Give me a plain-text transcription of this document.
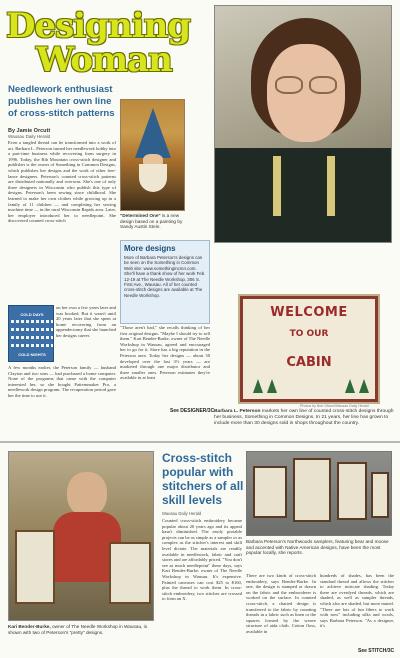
Designing
Woman
Needlework enthusiast publishes her own line of cross-stitch patterns
By Jamie Orcutt
Wausau Daily Herald
Even a tangled thread can be transformed into a work of art. Barbara L. Peterson turned her needlework hobby into a part-time business while recovering from surgery in 1996. Today, the Rib Mountain cross-stitch designer and publisher is the owner of Something in Common Designs, which publishes her designs and the work of other free-lance designers. Peterson's counted cross-stitch patterns are distributed nationally and overseas. She's one of only three designers in Wisconsin who publish this type of designs. Peterson's been sewing since childhood. She learned to make her own clothes while growing up in a family of 11 children — and completing her sewing machine time — in the rural Wisconsin Rapids area. Later, her employer introduced her to needlepoint. She discovered counted cross-stitch
COLD DAYS
COLD NIGHTS
on her own a few years later and was hooked. But it wasn't until 20 years later that she spent at home recovering from an appendectomy that she launched her designs career.
A few months earlier, the Peterson family — husband Clayton and two sons — had purchased a home computer. None of the programs that came with the computer interested her, so she bought Patternmaker Pro, a needlework design program. The recuperation period gave her the time to use it.
"Determined One" is a new design based on a painting by Sandy Austin Stein.
More designs
More of Barbara Peterson's designs can be seen on the Something in Common Web site: www.somethingincmn.com. She'll have a thank show of her work Feb. 12-19 at The Needle Workshop, 306 S. First Ave., Wausau. All of her counted cross-stitch designs are available at The Needle Workshop.

"Those aren't bad," she recalls thinking of her first original designs. "Maybe I should try to sell them." Kari Bender-Burke, owner of The Needle Workshop in Wausau, agreed and encouraged her to go for it. Store has a big reputation in the Peterson area. Today her designs — about 30 developed over the last 3½ years — are marketed through one major distributor and three smaller ones. Peterson estimates they're available in at least

WELCOME
TO OUR
CABIN
Photos by Bob Ottum/Wausau Daily Herald
Barbara L. Peterson markets her own line of counted cross-stitch designs through her business, Something in Common Designs. In 21 years, her line has grown to include more than 30 designs sold in shops throughout the country.
See DESIGNER/3C
Kari Bender-Burke, owner of The Needle Workshop in Wausau, is shown with two of Peterson's "pretty" designs.
Cross-stitch popular with stitchers of all skill levels
Wausau Daily Herald
Counted cross-stitch embroidery became popular about 20 years ago and its appeal hasn't diminished. The easily portable projects can be as simple as a sampler or as complex as the stitcher's interest and skill level dictate. The materials are readily available in needlework, fabric and craft stores and are affordably priced. "You don't see as much needlepoint" these days, says Kari Bender-Burke, owner of The Needle Workshop in Wausau. It's expensive. Painted canvases can cost $25 to $160, plus the thread to work them. In cross-stitch embroidery, two stitches are crossed to form an X.
Barbara Peterson's Northwoods samplers, featuring bear and moose and accented with Native American designs, have been the most popular locally, she reports.
There are two kinds of cross-stitch embroidery, says Bender-Burke. In one, the design is stamped or drawn on the fabric and the embroiderer is worked on the surface. In counted cross-stitch, a charted design is transferred to the fabric by counting threads in a fabric such as linen or the squares formed by the weave structure of aida cloth. Cotton floss, available in
hundreds of shades, has been the standard thread and allows the stitcher to achieve intricate shading. Today there are overdyed threads, which are shaded, as well as sampler threads, which also are shaded, but more muted. "There are lots of fun fibers to work with now" including silks and wools, says Barbara Peterson. "As a designer, it's
See STITCH/3C
